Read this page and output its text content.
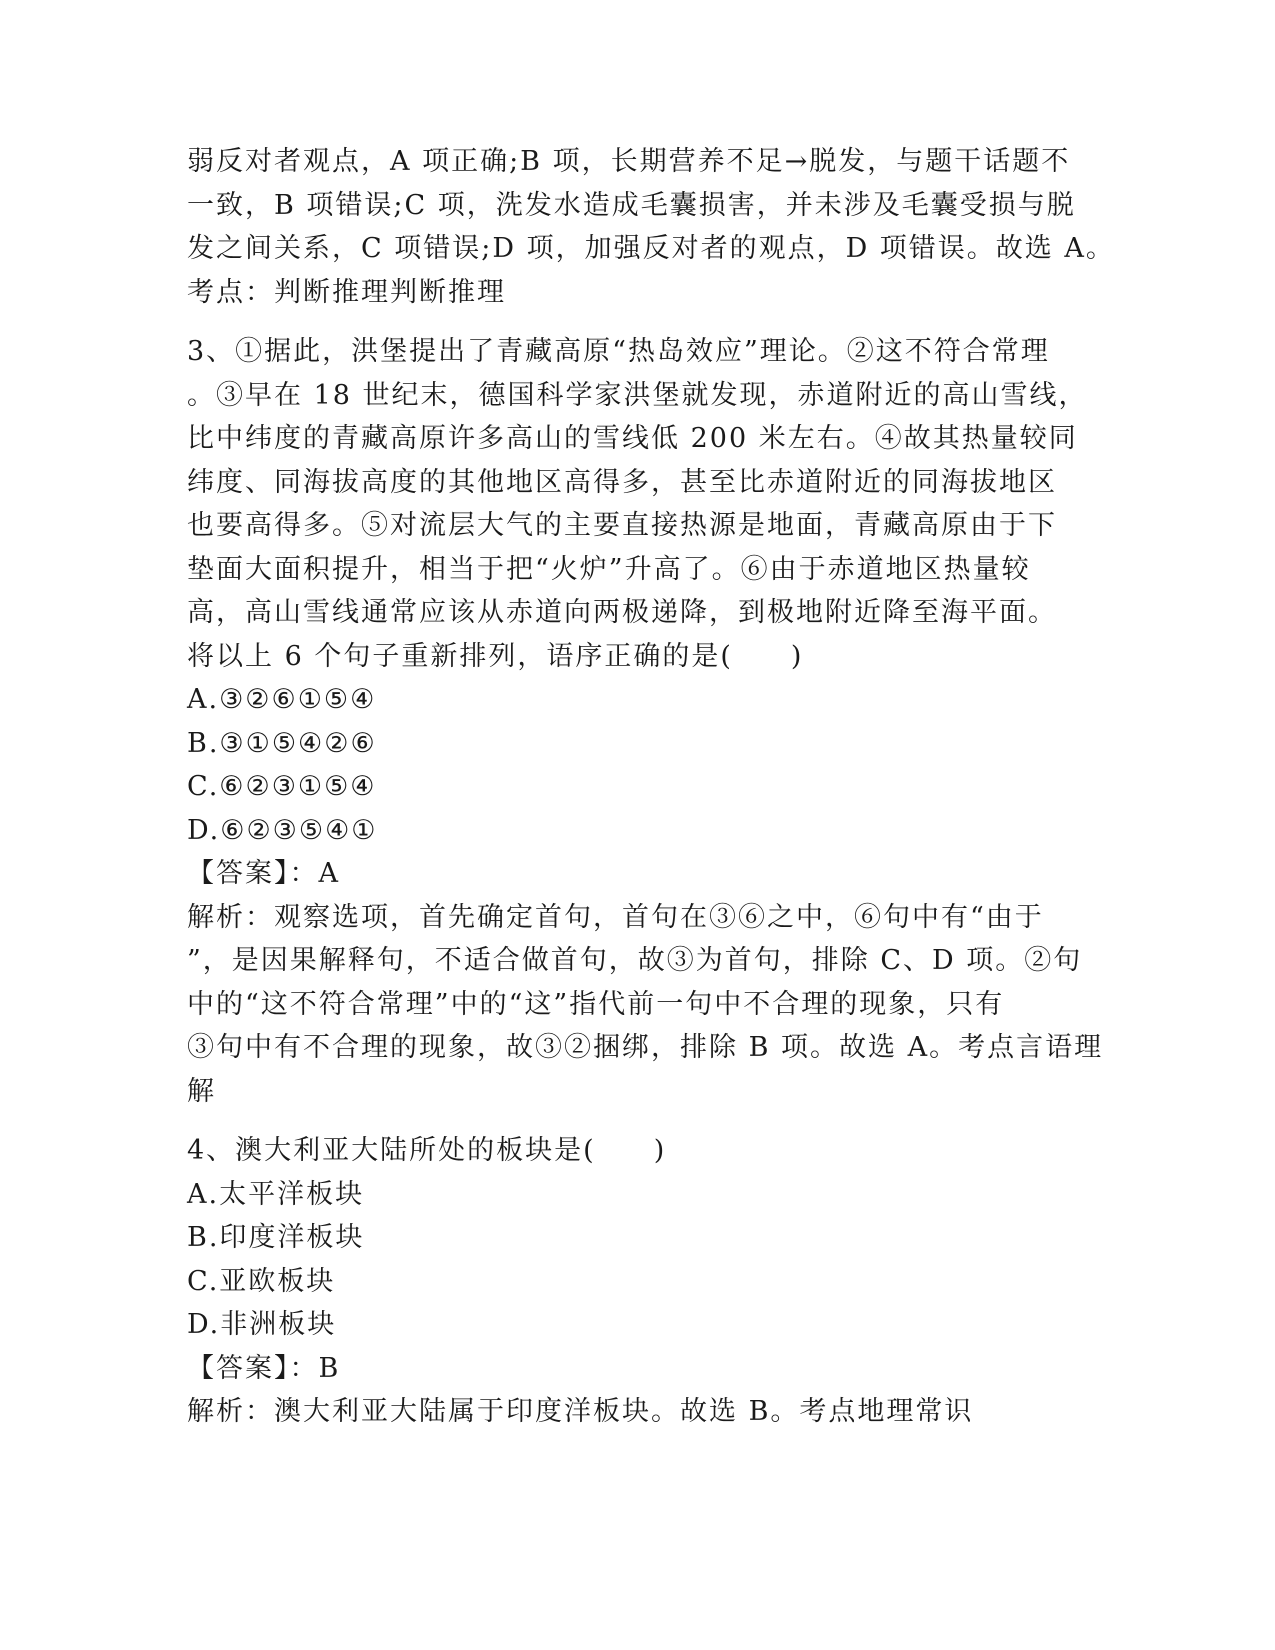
弱反对者观点，A 项正确;B 项，长期营养不足→脱发，与题干话题不
一致，B 项错误;C 项，洗发水造成毛囊损害，并未涉及毛囊受损与脱
发之间关系，C 项错误;D 项，加强反对者的观点，D 项错误。故选 A。
考点：判断推理判断推理
3、①据此，洪堡提出了青藏高原“热岛效应”理论。②这不符合常理
。③早在 18 世纪末，德国科学家洪堡就发现，赤道附近的高山雪线，
比中纬度的青藏高原许多高山的雪线低 200 米左右。④故其热量较同
纬度、同海拔高度的其他地区高得多，甚至比赤道附近的同海拔地区
也要高得多。⑤对流层大气的主要直接热源是地面，青藏高原由于下
垫面大面积提升，相当于把“火炉”升高了。⑥由于赤道地区热量较
高，高山雪线通常应该从赤道向两极递降，到极地附近降至海平面。
将以上 6 个句子重新排列，语序正确的是(　　)
A.③②⑥①⑤④
B.③①⑤④②⑥
C.⑥②③①⑤④
D.⑥②③⑤④①
【答案】：A
解析：观察选项，首先确定首句，首句在③⑥之中，⑥句中有“由于
”，是因果解释句，不适合做首句，故③为首句，排除 C、D 项。②句
中的“这不符合常理”中的“这”指代前一句中不合理的现象，只有
③句中有不合理的现象，故③②捆绑，排除 B 项。故选 A。考点言语理
解
4、澳大利亚大陆所处的板块是(　　)
A.太平洋板块
B.印度洋板块
C.亚欧板块
D.非洲板块
【答案】：B
解析：澳大利亚大陆属于印度洋板块。故选 B。考点地理常识
